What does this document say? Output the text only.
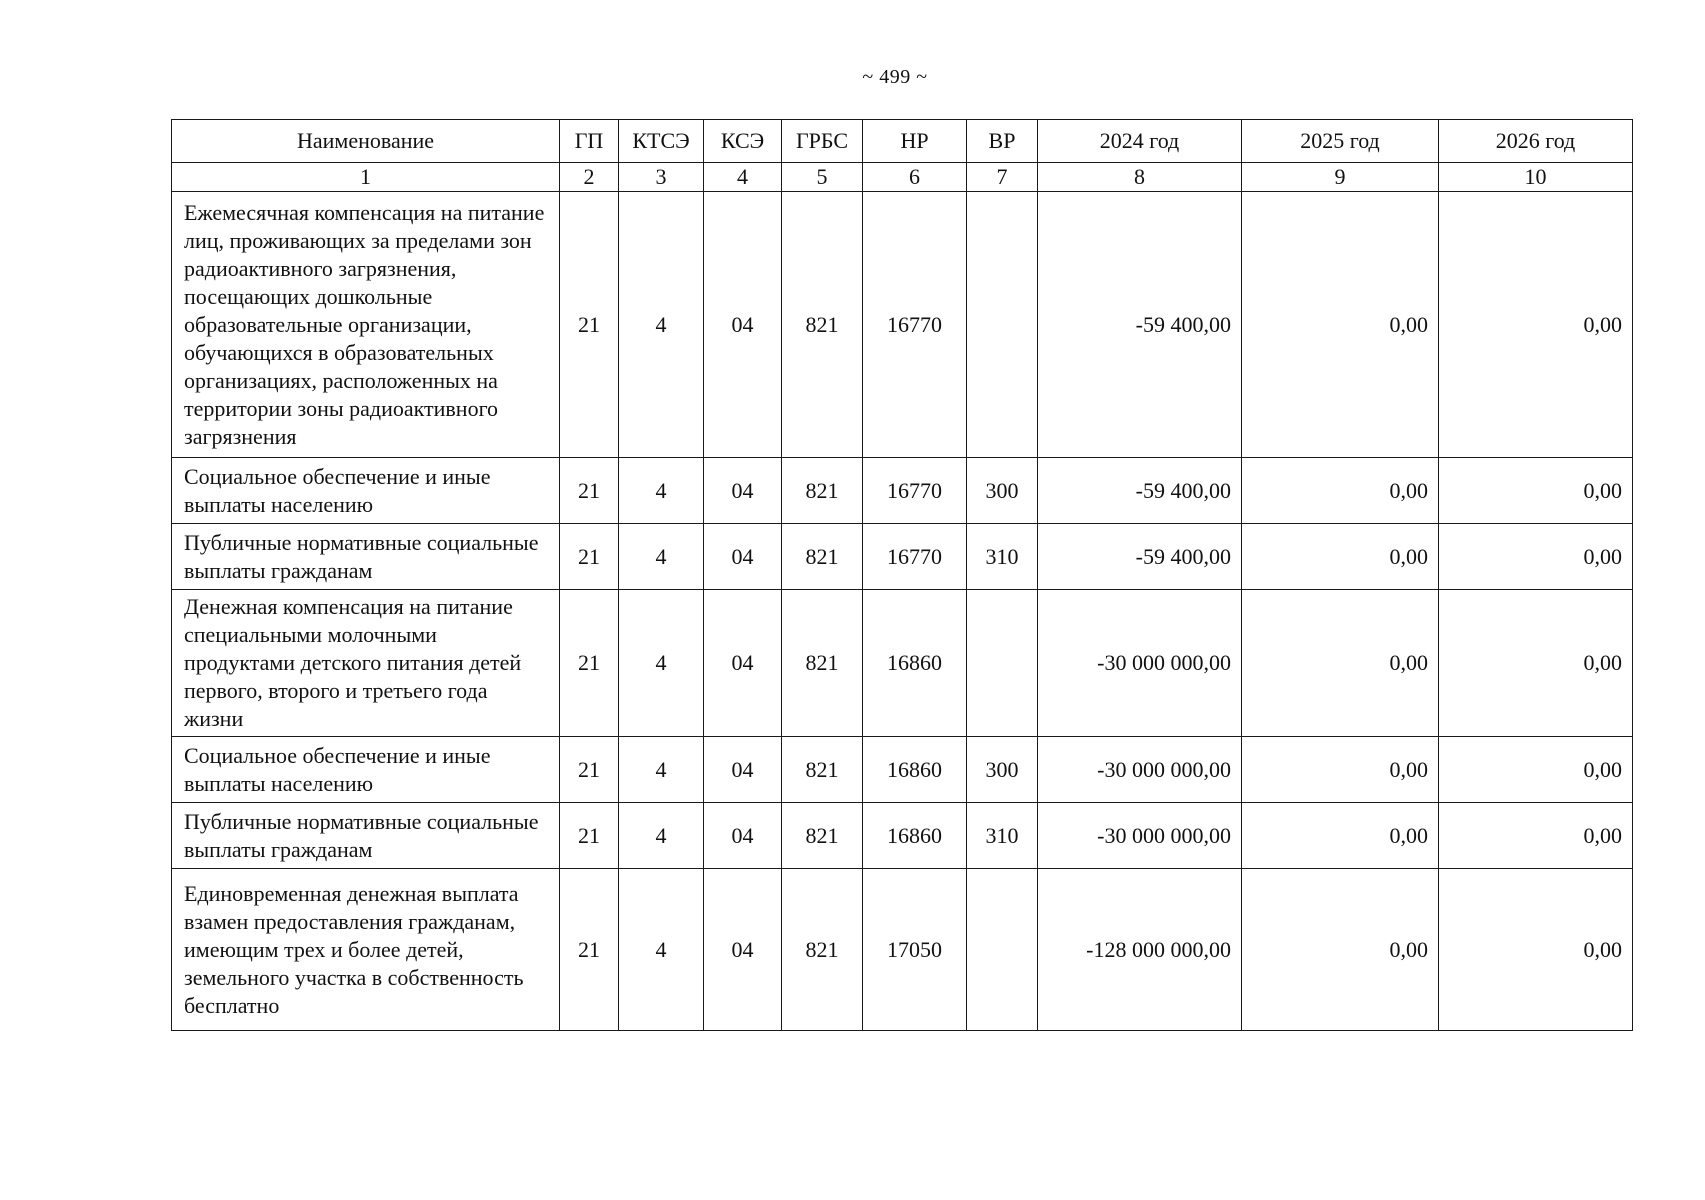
~ 499 ~
Наименование	ГП	КТСЭ	КСЭ	ГРБС	НР	ВР	2024 год	2025 год	2026 год
1	2	3	4	5	6	7	8	9	10
Ежемесячная компенсация на питание лиц, проживающих за пределами зон радиоактивного загрязнения, посещающих дошкольные образовательные организации, обучающихся в образовательных организациях, расположенных на территории зоны радиоактивного загрязнения	21	4	04	821	16770		-59 400,00	0,00	0,00
Социальное обеспечение и иные выплаты населению	21	4	04	821	16770	300	-59 400,00	0,00	0,00
Публичные нормативные социальные выплаты гражданам	21	4	04	821	16770	310	-59 400,00	0,00	0,00
Денежная компенсация на питание специальными молочными продуктами детского питания детей первого, второго и третьего года жизни	21	4	04	821	16860		-30 000 000,00	0,00	0,00
Социальное обеспечение и иные выплаты населению	21	4	04	821	16860	300	-30 000 000,00	0,00	0,00
Публичные нормативные социальные выплаты гражданам	21	4	04	821	16860	310	-30 000 000,00	0,00	0,00
Единовременная денежная выплата взамен предоставления гражданам, имеющим трех и более детей, земельного участка в собственность бесплатно	21	4	04	821	17050		-128 000 000,00	0,00	0,00
